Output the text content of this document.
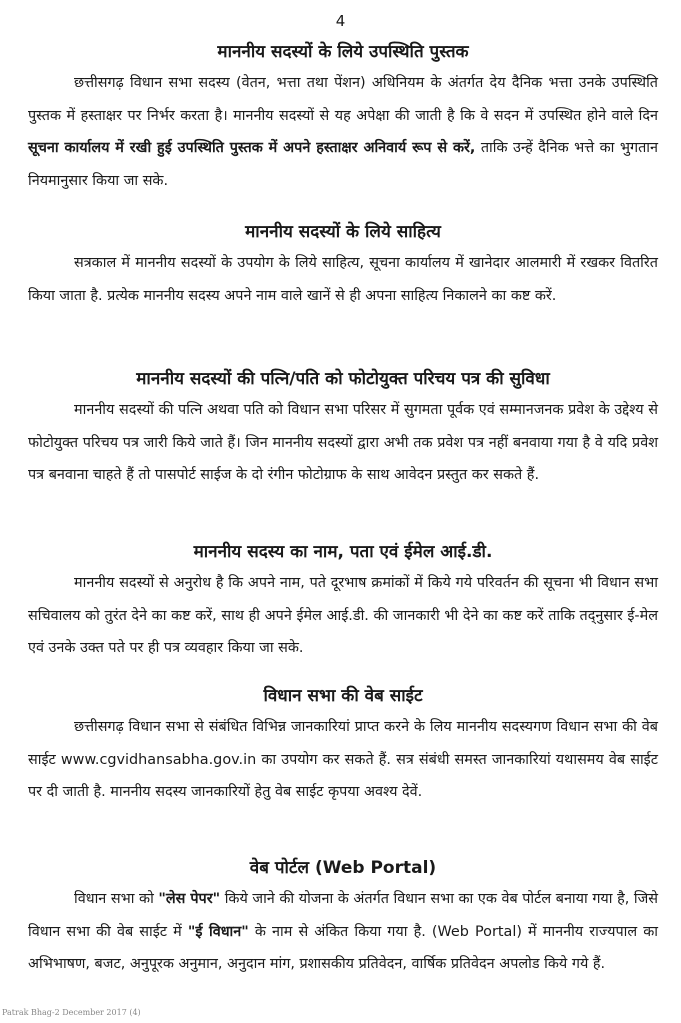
4
माननीय सदस्यों के लिये उपस्थिति पुस्तक

छत्तीसगढ़ विधान सभा सदस्य (वेतन, भत्ता तथा पेंशन) अधिनियम के अंतर्गत देय दैनिक भत्ता उनके उपस्थिति पुस्तक में हस्ताक्षर पर निर्भर करता है। माननीय सदस्यों से यह अपेक्षा की जाती है कि वे सदन में उपस्थित होने वाले दिन सूचना कार्यालय में रखी हुई उपस्थिति पुस्तक में अपने हस्ताक्षर अनिवार्य रूप से करें, ताकि उन्हें दैनिक भत्ते का भुगतान नियमानुसार किया जा सके.

माननीय सदस्यों के लिये साहित्य

सत्रकाल में माननीय सदस्यों के उपयोग के लिये साहित्य, सूचना कार्यालय में खानेदार आलमारी में रखकर वितरित किया जाता है. प्रत्येक माननीय सदस्य अपने नाम वाले खानें से ही अपना साहित्य निकालने का कष्ट करें.

माननीय सदस्यों की पत्नि/पति को फोटोयुक्त परिचय पत्र की सुविधा

माननीय सदस्यों की पत्नि अथवा पति को विधान सभा परिसर में सुगमता पूर्वक एवं सम्मानजनक प्रवेश के उद्देश्य से फोटोयुक्त परिचय पत्र जारी किये जाते हैं। जिन माननीय सदस्यों द्वारा अभी तक प्रवेश पत्र नहीं बनवाया गया है वे यदि प्रवेश पत्र बनवाना चाहते हैं तो पासपोर्ट साईज के दो रंगीन फोटोग्राफ के साथ आवेदन प्रस्तुत कर सकते हैं.

माननीय सदस्य का नाम, पता एवं ईमेल आई.डी.

माननीय सदस्यों से अनुरोध है कि अपने नाम, पते दूरभाष क्रमांकों में किये गये परिवर्तन की सूचना भी विधान सभा सचिवालय को तुरंत देने का कष्ट करें, साथ ही अपने ईमेल आई.डी. की जानकारी भी देने का कष्ट करें ताकि तद्नुसार ई-मेल एवं उनके उक्त पते पर ही पत्र व्यवहार किया जा सके.

विधान सभा की वेब साईट

छत्तीसगढ़ विधान सभा से संबंधित विभिन्न जानकारियां प्राप्त करने के लिय माननीय सदस्यगण विधान सभा की वेब साईट www.cgvidhansabha.gov.in का उपयोग कर सकते हैं. सत्र संबंधी समस्त जानकारियां यथासमय वेब साईट पर दी जाती है. माननीय सदस्य जानकारियों हेतु वेब साईट कृपया अवश्य देवें.

वेब पोर्टल (Web Portal)

विधान सभा को "लेस पेपर" किये जाने की योजना के अंतर्गत विधान सभा का एक वेब पोर्टल बनाया गया है, जिसे विधान सभा की वेब साईट में "ई विधान" के नाम से अंकित किया गया है. (Web Portal) में माननीय राज्यपाल का अभिभाषण, बजट, अनुपूरक अनुमान, अनुदान मांग, प्रशासकीय प्रतिवेदन, वार्षिक प्रतिवेदन अपलोड किये गये हैं.

Patrak Bhag-2 December 2017 (4)
